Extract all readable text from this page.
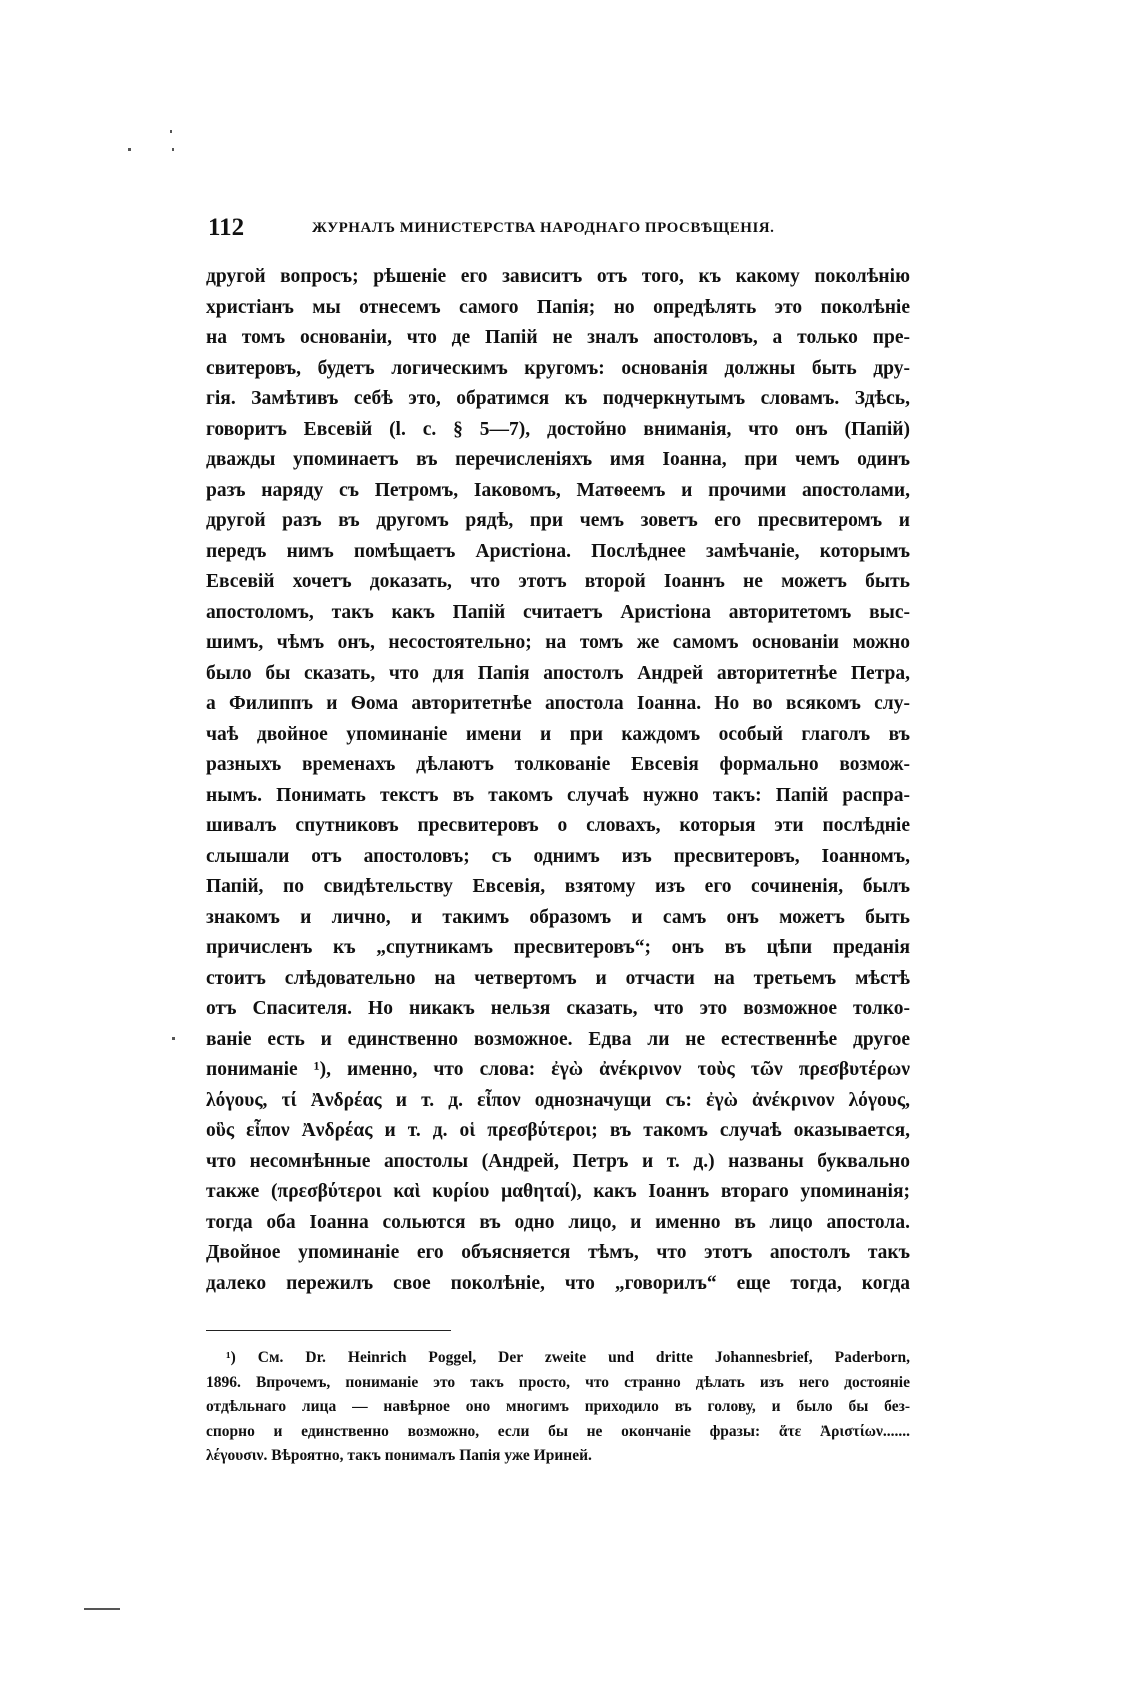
112	ЖУРНАЛЪ МИНИСТЕРСТВА НАРОДНАГО ПРОСВѢЩЕНІЯ.
другой вопросъ; рѣшеніе его зависитъ отъ того, къ какому поколѣнію
христіанъ мы отнесемъ самого Папія; но опредѣлять это поколѣніе
на томъ основаніи, что де Папій не зналъ апостоловъ, а только пре-
свитеровъ, будетъ логическимъ кругомъ: основанія должны быть дру-
гія. Замѣтивъ себѣ это, обратимся къ подчеркнутымъ словамъ. Здѣсь,
говоритъ Евсевій (l. c. § 5—7), достойно вниманія, что онъ (Папій)
дважды упоминаетъ въ перечисленіяхъ имя Іоанна, при чемъ одинъ
разъ наряду съ Петромъ, Іаковомъ, Матѳеемъ и прочими апостолами,
другой разъ въ другомъ рядѣ, при чемъ зоветъ его пресвитеромъ и
передъ нимъ помѣщаетъ Аристіона. Послѣднее замѣчаніе, которымъ
Евсевій хочетъ доказать, что этотъ второй Іоаннъ не можетъ быть
апостоломъ, такъ какъ Папій считаетъ Аристіона авторитетомъ выс-
шимъ, чѣмъ онъ, несостоятельно; на томъ же самомъ основаніи можно
было бы сказать, что для Папія апостолъ Андрей авторитетнѣе Петра,
а Филиппъ и Ѳома авторитетнѣе апостола Іоанна. Но во всякомъ слу-
чаѣ двойное упоминаніе имени и при каждомъ особый глаголъ въ
разныхъ временахъ дѣлаютъ толкованіе Евсевія формально возмож-
нымъ. Понимать текстъ въ такомъ случаѣ нужно такъ: Папій распра-
шивалъ спутниковъ пресвитеровъ о словахъ, которыя эти послѣдніе
слышали отъ апостоловъ; съ однимъ изъ пресвитеровъ, Іоанномъ,
Папій, по свидѣтельству Евсевія, взятому изъ его сочиненія, былъ
знакомъ и лично, и такимъ образомъ и самъ онъ можетъ быть
причисленъ къ „спутникамъ пресвитеровъ“; онъ въ цѣпи преданія
стоитъ слѣдовательно на четвертомъ и отчасти на третьемъ мѣстѣ
отъ Спасителя. Но никакъ нельзя сказать, что это возможное толко-
ваніе есть и единственно возможное. Едва ли не естественнѣе другое
пониманіе ¹), именно, что слова: ἐγὼ ἀνέκρινον τοὺς τῶν πρεσβυτέρων
λόγους, τί Ἀνδρέας и т. д. εἶπον однозначущи съ: ἐγὼ ἀνέκρινον λόγους,
οὓς εἶπον Ἀνδρέας и т. д. οἱ πρεσβύτεροι; въ такомъ случаѣ оказывается,
что несомнѣнные апостолы (Андрей, Петръ и т. д.) названы буквально
также (πρεσβύτεροι καὶ κυρίου μαθηταί), какъ Іоаннъ втораго упоминанія;
тогда оба Іоанна сольются въ одно лицо, и именно въ лицо апостола.
Двойное упоминаніе его объясняется тѣмъ, что этотъ апостолъ такъ
далеко пережилъ свое поколѣніе, что „говорилъ“ еще тогда, когда
¹) См. Dr. Heinrich Poggel, Der zweite und dritte Johannesbrief, Paderborn,
1896. Впрочемъ, пониманіе это такъ просто, что странно дѣлать изъ него достояніе
отдѣльнаго лица — навѣрное оно многимъ приходило въ голову, и было бы без-
спорно и единственно возможно, если бы не окончаніе фразы: ἅτε Ἀριστίων.......
λέγουσιν. Вѣроятно, такъ понималъ Папія уже Ириней.
